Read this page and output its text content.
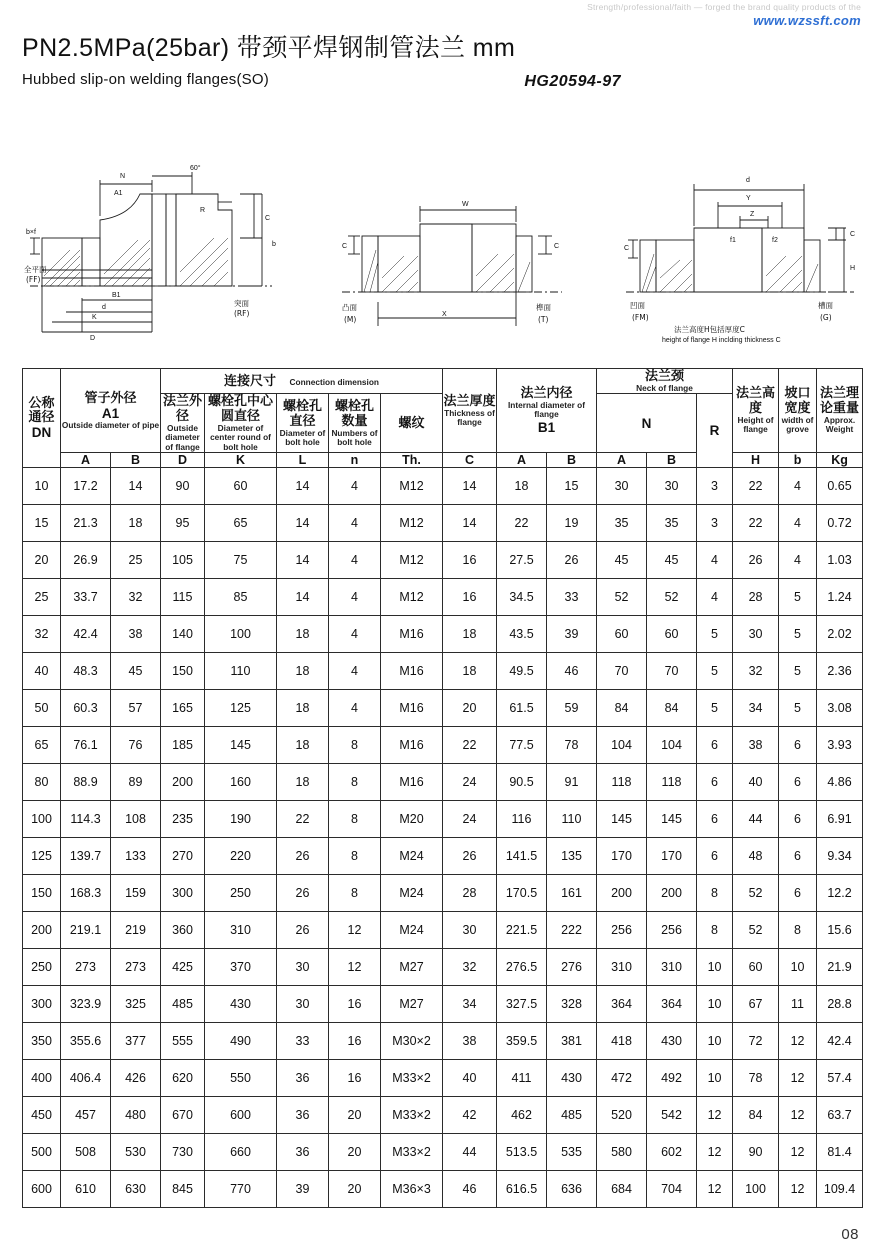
Strength/professional/faith — forged the brand quality products of the
www.wzssft.com
PN2.5MPa(25bar) 带颈平焊钢制管法兰 mm
Hubbed slip-on welding flanges(SO)	HG20594-97
N
A1
60°
R
C
b
B1
d
K
D
b×f
全平面
(FF)
突面
(RF)
C	C
W
X
凸面
(M)
榫面
(T)
d
Y
Z
C
f1	f2
C
H
凹面
(FM)
槽面
(G)
法兰高度H包括厚度C
height of flange H inclding thickness C
公称通径
DN

管子外径
A1
Outside diameter of pipe
	连接尺寸 Connection dimension	
法兰厚度
Thickness of flange

法兰内径
Internal diameter of flange
B1

法兰颈
Neck of flange	法兰高度
Height of flange

坡口宽度
width of grove

法兰理论重量
Approx. Weight

法兰外径
Outside diameter of flange

螺栓孔中心圆直径
Diameter of center round of bolt hole

螺栓孔直径
Diameter of bolt hole

螺栓孔数量
Numbers of bolt hole

螺纹	N	R

	A	B	D	K	L	n	Th.	C	A	B	A	B		H	b	Kg
10	17.2	14	90	60	14	4	M12	14	18	15	30	30	3	22	4	0.65
15	21.3	18	95	65	14	4	M12	14	22	19	35	35	3	22	4	0.72
20	26.9	25	105	75	14	4	M12	16	27.5	26	45	45	4	26	4	1.03
25	33.7	32	115	85	14	4	M12	16	34.5	33	52	52	4	28	5	1.24
32	42.4	38	140	100	18	4	M16	18	43.5	39	60	60	5	30	5	2.02
40	48.3	45	150	110	18	4	M16	18	49.5	46	70	70	5	32	5	2.36
50	60.3	57	165	125	18	4	M16	20	61.5	59	84	84	5	34	5	3.08
65	76.1	76	185	145	18	8	M16	22	77.5	78	104	104	6	38	6	3.93
80	88.9	89	200	160	18	8	M16	24	90.5	91	118	118	6	40	6	4.86
100	114.3	108	235	190	22	8	M20	24	116	110	145	145	6	44	6	6.91
125	139.7	133	270	220	26	8	M24	26	141.5	135	170	170	6	48	6	9.34
150	168.3	159	300	250	26	8	M24	28	170.5	161	200	200	8	52	6	12.2
200	219.1	219	360	310	26	12	M24	30	221.5	222	256	256	8	52	8	15.6
250	273	273	425	370	30	12	M27	32	276.5	276	310	310	10	60	10	21.9
300	323.9	325	485	430	30	16	M27	34	327.5	328	364	364	10	67	11	28.8
350	355.6	377	555	490	33	16	M30×2	38	359.5	381	418	430	10	72	12	42.4
400	406.4	426	620	550	36	16	M33×2	40	411	430	472	492	10	78	12	57.4
450	457	480	670	600	36	20	M33×2	42	462	485	520	542	12	84	12	63.7
500	508	530	730	660	36	20	M33×2	44	513.5	535	580	602	12	90	12	81.4
600	610	630	845	770	39	20	M36×3	46	616.5	636	684	704	12	100	12	109.4
08
